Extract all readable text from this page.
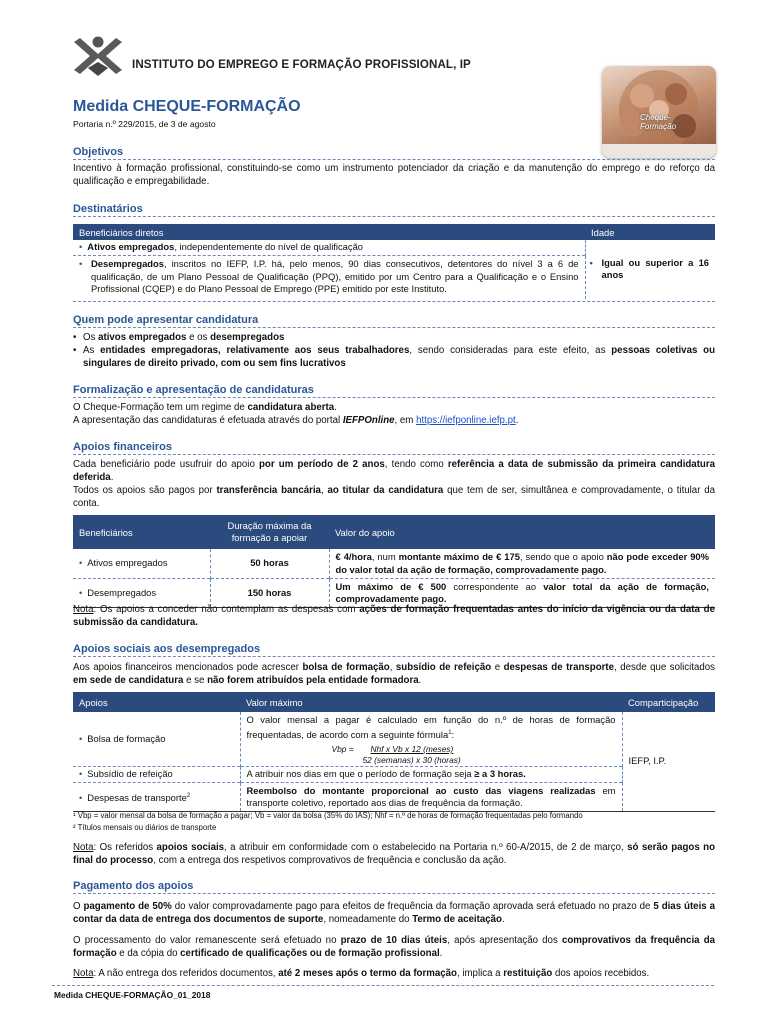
INSTITUTO DO EMPREGO E FORMAÇÃO PROFISSIONAL, IP
Cheque-
Formação
Medida CHEQUE-FORMAÇÃO
Portaria n.º 229/2015, de 3 de agosto
Objetivos
Incentivo à formação profissional, constituindo-se como um instrumento potenciador da criação e da manutenção do emprego e do reforço da qualificação e empregabilidade.
Destinatários
Beneficiários diretos	Idade
• Ativos empregados, independentemente do nível de qualificação	• Igual ou superior a 16 anos

• Desempregados, inscritos no IEFP, I.P. há, pelo menos, 90 dias consecutivos, detentores do nível 3 a 6 de qualificação, de um Plano Pessoal de Qualificação (PPQ), emitido por um Centro para a Qualificação e o Ensino Profissional (CQEP) e do Plano Pessoal de Emprego (PPE) emitido por este Instituto.	
Quem pode apresentar candidatura
• Os ativos empregados e os desempregados
• As entidades empregadoras, relativamente aos seus trabalhadores, sendo consideradas para este efeito, as pessoas coletivas ou singulares de direito privado, com ou sem fins lucrativos
Formalização e apresentação de candidaturas
O Cheque-Formação tem um regime de candidatura aberta.
A apresentação das candidaturas é efetuada através do portal IEFPOnline, em https://iefponline.iefp.pt.
Apoios financeiros
Cada beneficiário pode usufruir do apoio por um período de 2 anos, tendo como referência a data de submissão da primeira candidatura deferida.
Todos os apoios são pagos por transferência bancária, ao titular da candidatura que tem de ser, simultânea e comprovadamente, o titular da conta.
Beneficiários	Duração máxima da formação a apoiar	Valor do apoio
• Ativos empregados	50 horas	€ 4/hora, num montante máximo de € 175, sendo que o apoio não pode exceder 90% do valor total da ação de formação, comprovadamente pago.
• Desempregados	150 horas	Um máximo de € 500 correspondente ao valor total da ação de formação, comprovadamente pago.
Nota: Os apoios a conceder não contemplam as despesas com ações de formação frequentadas antes do início da vigência ou da data de submissão da candidatura.
Apoios sociais aos desempregados
Aos apoios financeiros mencionados pode acrescer bolsa de formação, subsídio de refeição e despesas de transporte, desde que solicitados em sede de candidatura e se não forem atribuídos pela entidade formadora.
Apoios	Valor máximo	Comparticipação
• Bolsa de formação	O valor mensal a pagar é calculado em função do n.º de horas de formação frequentadas, de acordo com a seguinte fórmula$^1$:
Vbp = Nhf x Vb x 12 (meses)
52 (semanas) x 30 (horas)	IEFP, I.P.
• Subsídio de refeição	A atribuir nos dias em que o período de formação seja ≥ a 3 horas.	
• Despesas de transporte$^2$	Reembolso do montante proporcional ao custo das viagens realizadas em transporte coletivo, reportado aos dias de frequência da formação.	
¹ Vbp = valor mensal da bolsa de formação a pagar; Vb = valor da bolsa (35% do IAS); Nhf = n.º de horas de formação frequentadas pelo formando
² Títulos mensais ou diários de transporte
Nota: Os referidos apoios sociais, a atribuir em conformidade com o estabelecido na Portaria n.º 60-A/2015, de 2 de março, só serão pagos no final do processo, com a entrega dos respetivos comprovativos de frequência e conclusão da ação.
Pagamento dos apoios
O pagamento de 50% do valor comprovadamente pago para efeitos de frequência da formação aprovada será efetuado no prazo de 5 dias úteis a contar da data de entrega dos documentos de suporte, nomeadamente do Termo de aceitação.
O processamento do valor remanescente será efetuado no prazo de 10 dias úteis, após apresentação dos comprovativos da frequência da formação e da cópia do certificado de qualificações ou de formação profissional.
Nota: A não entrega dos referidos documentos, até 2 meses após o termo da formação, implica a restituição dos apoios recebidos.
Medida CHEQUE-FORMAÇÃO_01_2018
